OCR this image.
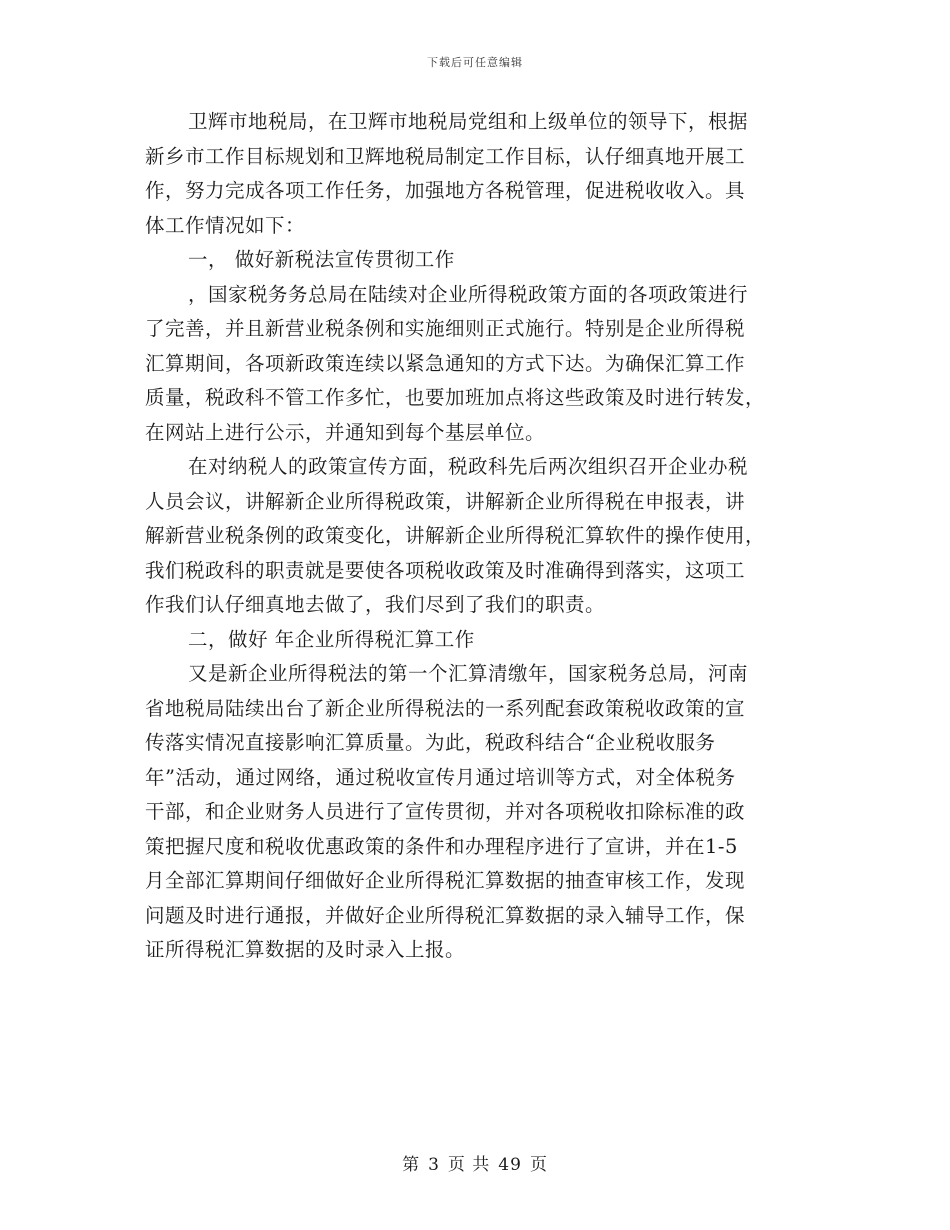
下载后可任意编辑
卫辉市地税局，在卫辉市地税局党组和上级单位的领导下，根据
新乡市工作目标规划和卫辉地税局制定工作目标，认仔细真地开展工
作，努力完成各项工作任务，加强地方各税管理，促进税收收入。具
体工作情况如下：
一， 做好新税法宣传贯彻工作
，国家税务务总局在陆续对企业所得税政策方面的各项政策进行
了完善，并且新营业税条例和实施细则正式施行。特别是企业所得税
汇算期间，各项新政策连续以紧急通知的方式下达。为确保汇算工作
质量，税政科不管工作多忙，也要加班加点将这些政策及时进行转发，
在网站上进行公示，并通知到每个基层单位。
在对纳税人的政策宣传方面，税政科先后两次组织召开企业办税
人员会议，讲解新企业所得税政策，讲解新企业所得税在申报表，讲
解新营业税条例的政策变化，讲解新企业所得税汇算软件的操作使用，
我们税政科的职责就是要使各项税收政策及时准确得到落实，这项工
作我们认仔细真地去做了，我们尽到了我们的职责。
二，做好 年企业所得税汇算工作
又是新企业所得税法的第一个汇算清缴年，国家税务总局，河南
省地税局陆续出台了新企业所得税法的一系列配套政策税收政策的宣
传落实情况直接影响汇算质量。为此，税政科结合“企业税收服务
年”活动，通过网络，通过税收宣传月通过培训等方式，对全体税务
干部，和企业财务人员进行了宣传贯彻，并对各项税收扣除标准的政
策把握尺度和税收优惠政策的条件和办理程序进行了宣讲，并在1-5
月全部汇算期间仔细做好企业所得税汇算数据的抽查审核工作，发现
问题及时进行通报，并做好企业所得税汇算数据的录入辅导工作，保
证所得税汇算数据的及时录入上报。
第 3 页 共 49 页
